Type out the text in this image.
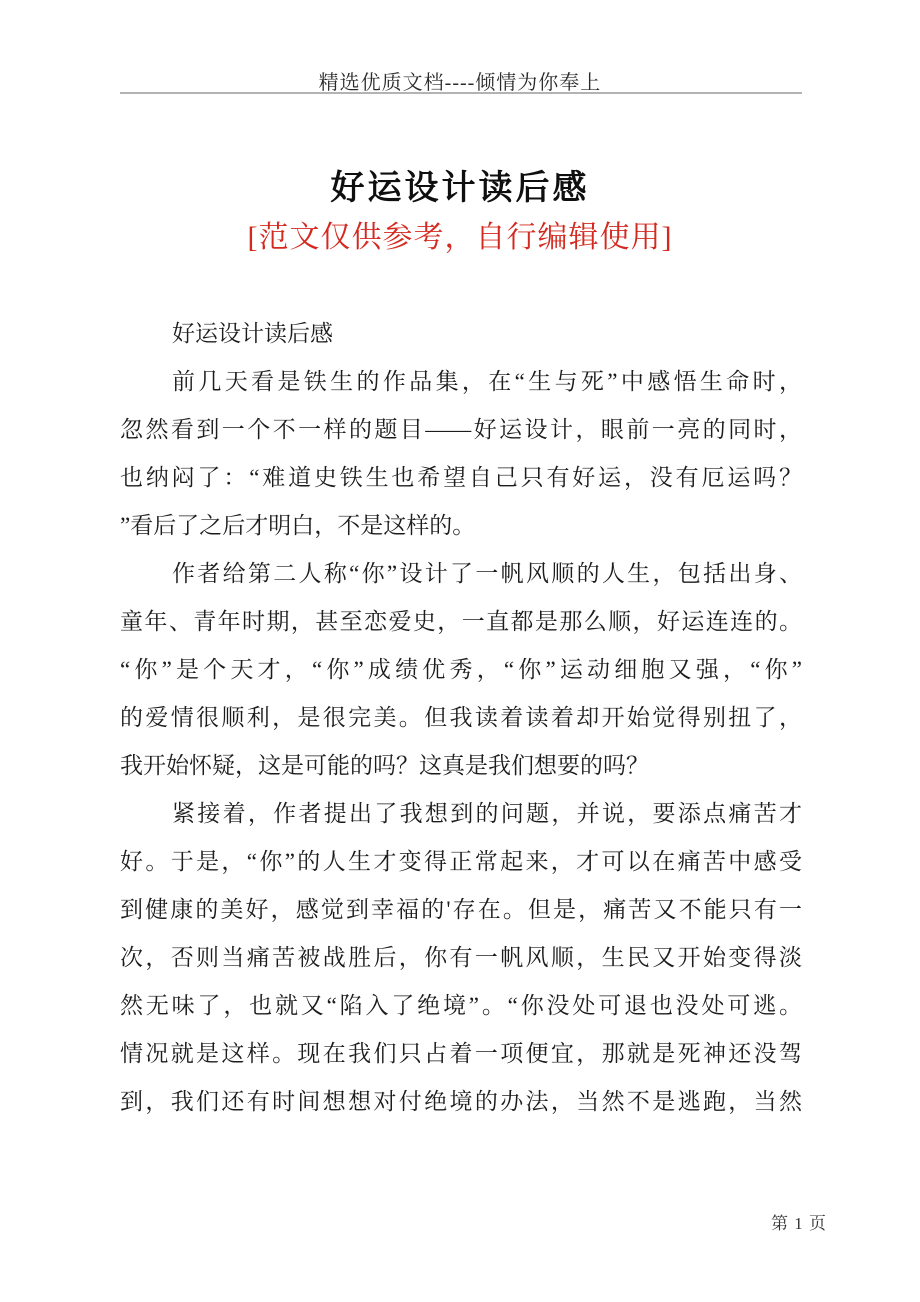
精选优质文档----倾情为你奉上
好运设计读后感
[范文仅供参考，自行编辑使用]
好运设计读后感
前几天看是铁生的作品集，在“生与死”中感悟生命时，
忽然看到一个不一样的题目——好运设计，眼前一亮的同时，
也纳闷了：“难道史铁生也希望自己只有好运，没有厄运吗？
”看后了之后才明白，不是这样的。
作者给第二人称“你”设计了一帆风顺的人生，包括出身、
童年、青年时期，甚至恋爱史，一直都是那么顺，好运连连的。
“你”是个天才，“你”成绩优秀，“你”运动细胞又强，“你”
的爱情很顺利，是很完美。但我读着读着却开始觉得别扭了，
我开始怀疑，这是可能的吗？这真是我们想要的吗？
紧接着，作者提出了我想到的问题，并说，要添点痛苦才
好。于是，“你”的人生才变得正常起来，才可以在痛苦中感受
到健康的美好，感觉到幸福的'存在。但是，痛苦又不能只有一
次，否则当痛苦被战胜后，你有一帆风顺，生民又开始变得淡
然无味了，也就又“陷入了绝境”。“你没处可退也没处可逃。
情况就是这样。现在我们只占着一项便宜，那就是死神还没驾
到，我们还有时间想想对付绝境的办法，当然不是逃跑，当然
第 1 页
